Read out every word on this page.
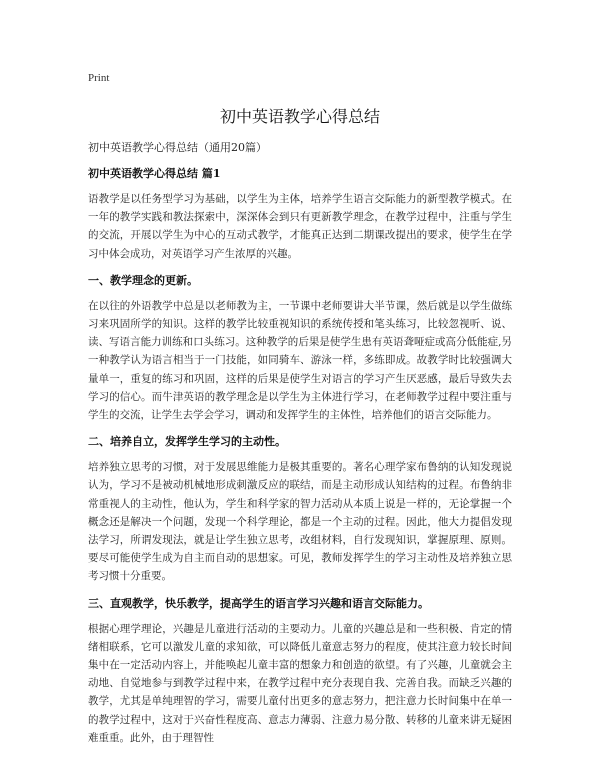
Print
初中英语教学心得总结

初中英语教学心得总结（通用20篇）

初中英语教学心得总结 篇1

语教学是以任务型学习为基础，以学生为主体，培养学生语言交际能力的新型教学模式。在一年的教学实践和教法探索中，深深体会到只有更新教学理念，在教学过程中，注重与学生的交流，开展以学生为中心的互动式教学，才能真正达到二期课改提出的要求，使学生在学习中体会成功，对英语学习产生浓厚的兴趣。

一、教学理念的更新。

在以往的外语教学中总是以老师教为主，一节课中老师要讲大半节课，然后就是以学生做练习来巩固所学的知识。这样的教学比较重视知识的系统传授和笔头练习，比较忽视听、说、读、写语言能力训练和口头练习。这种教学的后果是使学生患有英语聋哑症或高分低能症,另一种教学认为语言相当于一门技能，如同骑车、游泳一样，多练即成。故教学时比较强调大量单一，重复的练习和巩固，这样的后果是使学生对语言的学习产生厌恶感，最后导致失去学习的信心。而牛津英语的教学理念是以学生为主体进行学习，在老师教学过程中要注重与学生的交流，让学生去学会学习，调动和发挥学生的主体性，培养他们的语言交际能力。

二、培养自立，发挥学生学习的主动性。

培养独立思考的习惯，对于发展思维能力是极其重要的。著名心理学家布鲁纳的认知发现说认为，学习不是被动机械地形成刺激反应的联结，而是主动形成认知结构的过程。布鲁纳非常重视人的主动性，他认为，学生和科学家的智力活动从本质上说是一样的，无论掌握一个概念还是解决一个问题，发现一个科学理论，都是一个主动的过程。因此，他大力提倡发现法学习，所谓发现法，就是让学生独立思考，改组材料，自行发现知识，掌握原理、原则。要尽可能使学生成为自主而自动的思想家。可见，教师发挥学生的学习主动性及培养独立思考习惯十分重要。

三、直观教学，快乐教学，提高学生的语言学习兴趣和语言交际能力。

根据心理学理论，兴趣是儿童进行活动的主要动力。儿童的兴趣总是和一些积极、肯定的情绪相联系，它可以激发儿童的求知欲，可以降低儿童意志努力的程度，使其注意力较长时间集中在一定活动内容上，并能唤起儿童丰富的想象力和创造的欲望。有了兴趣，儿童就会主动地、自觉地参与到教学过程中来，在教学过程中充分表现自我、完善自我。而缺乏兴趣的教学，尤其是单纯理智的学习，需要儿童付出更多的意志努力，把注意力长时间集中在单一的教学过程中，这对于兴奋性程度高、意志力薄弱、注意力易分散、转移的儿童来讲无疑困难重重。此外，由于理智性
